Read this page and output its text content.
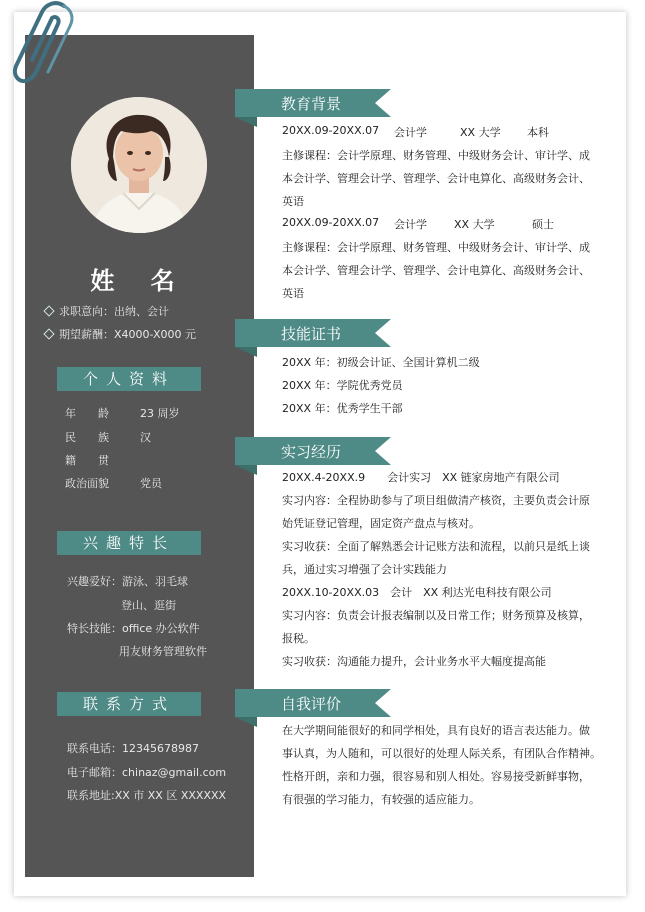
姓 名
求职意向：出纳、会计
期望薪酬：X4000-X000 元
个人资料
年　　龄	23 周岁
民　　族	汉
籍　　贯
政治面貌	党员
兴趣特长
兴趣爱好：游泳、羽毛球
登山、逛街
特长技能：office 办公软件
用友财务管理软件
联系方式
联系电话：12345678987
电子邮箱：chinaz@gmail.com
联系地址:XX 市 XX 区 XXXXXX
教育背景
20XX.09-20XX.07 会计学	XX 大学 本科
主修课程：会计学原理、财务管理、中级财务会计、审计学、成
本会计学、管理会计学、管理学、会计电算化、高级财务会计、
英语
20XX.09-20XX.07 会计学 XX 大学	硕士
主修课程：会计学原理、财务管理、中级财务会计、审计学、成
本会计学、管理会计学、管理学、会计电算化、高级财务会计、
英语
技能证书
20XX 年：初级会计证、全国计算机二级
20XX 年：学院优秀党员
20XX 年：优秀学生干部
实习经历
20XX.4-20XX.9　　会计实习　XX 链家房地产有限公司
实习内容：全程协助参与了项目组做清产核资，主要负责会计原
始凭证登记管理，固定资产盘点与核对。
实习收获：全面了解熟悉会计记账方法和流程，以前只是纸上谈
兵，通过实习增强了会计实践能力
20XX.10-20XX.03　会计　XX 利达光电科技有限公司
实习内容：负责会计报表编制以及日常工作；财务预算及核算，
报税。
实习收获：沟通能力提升，会计业务水平大幅度提高能
自我评价
在大学期间能很好的和同学相处，具有良好的语言表达能力。做
事认真，为人随和，可以很好的处理人际关系，有团队合作精神。
性格开朗，亲和力强，很容易和别人相处。容易接受新鲜事物，
有很强的学习能力，有较强的适应能力。
